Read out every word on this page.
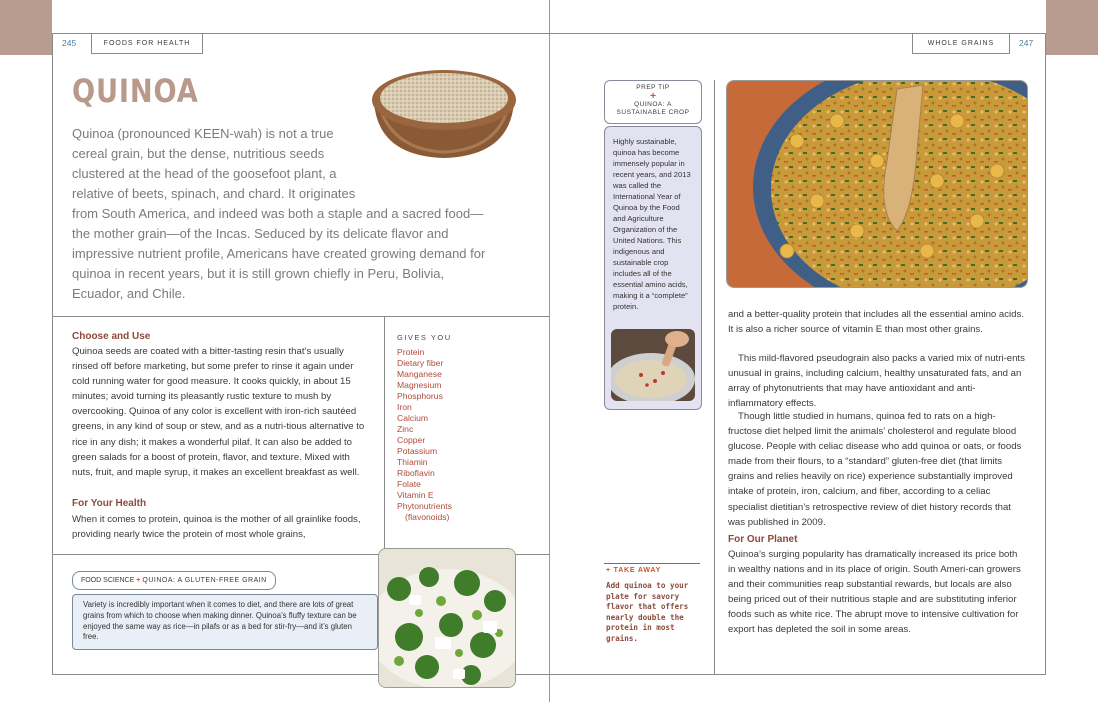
245	FOODS FOR HEALTH
QUINOA
Quinoa (pronounced KEEN-wah) is not a true cereal grain, but the dense, nutritious seeds clustered at the head of the goosefoot plant, a relative of beets, spinach, and chard. It originates from South America, and indeed was both a staple and a sacred food—the mother grain—of the Incas. Seduced by its delicate flavor and impressive nutrient profile, Americans have created growing demand for quinoa in recent years, but it is still grown chiefly in Peru, Bolivia, Ecuador, and Chile.
Choose and Use
Quinoa seeds are coated with a bitter-tasting resin that’s usually rinsed off before marketing, but some prefer to rinse it again under cold running water for good measure. It cooks quickly, in about 15 minutes; avoid turning its pleasantly rustic texture to mush by overcooking. Quinoa of any color is excellent with iron-rich sautéed greens, in any kind of soup or stew, and as a nutri-tious alternative to rice in any dish; it makes a wonderful pilaf. It can also be added to green salads for a boost of protein, flavor, and texture. Mixed with nuts, fruit, and maple syrup, it makes an excellent breakfast as well.
For Your Health
When it comes to protein, quinoa is the mother of all grainlike foods, providing nearly twice the protein of most whole grains,
GIVES YOU
Protein
Dietary fiber
Manganese
Magnesium
Phosphorus
Iron
Calcium
Zinc
Copper
Potassium
Thiamin
Riboflavin
Folate
Vitamin E
Phytonutrients
(flavonoids)
FOOD SCIENCE + QUINOA: A GLUTEN-FREE GRAIN
Variety is incredibly important when it comes to diet, and there are lots of great grains from which to choose when making dinner. Quinoa’s fluffy texture can be enjoyed the same way as rice—in pilafs or as a bed for stir-fry—and it’s gluten free.
WHOLE GRAINS	247
PREP TIP
+
QUINOA: A SUSTAINABLE CROP
Highly sustainable, quinoa has become immensely popular in recent years, and 2013 was called the International Year of Quinoa by the Food and Agriculture Organization of the United Nations. This indigenous and sustainable crop includes all of the essential amino acids, making it a “complete” protein.
and a better-quality protein that includes all the essential amino acids. It is also a richer source of vitamin E than most other grains.
This mild-flavored pseudograin also packs a varied mix of nutri-ents unusual in grains, including calcium, healthy unsaturated fats, and an array of phytonutrients that may have antioxidant and anti-inflammatory effects.
Though little studied in humans, quinoa fed to rats on a high-fructose diet helped limit the animals’ cholesterol and regulate blood glucose. People with celiac disease who add quinoa or oats, or foods made from their flours, to a “standard” gluten-free diet (that limits grains and relies heavily on rice) experience substantially improved intake of protein, iron, calcium, and fiber, according to a celiac specialist dietitian’s retrospective review of diet history records that was published in 2009.
For Our Planet
Quinoa’s surging popularity has dramatically increased its price both in wealthy nations and in its place of origin. South Ameri-can growers and their communities reap substantial rewards, but locals are also being priced out of their nutritious staple and are substituting inferior foods such as white rice. The abrupt move to intensive cultivation for export has depleted the soil in some areas.
+ TAKE AWAY
Add quinoa to your plate for savory flavor that offers nearly double the protein in most grains.
